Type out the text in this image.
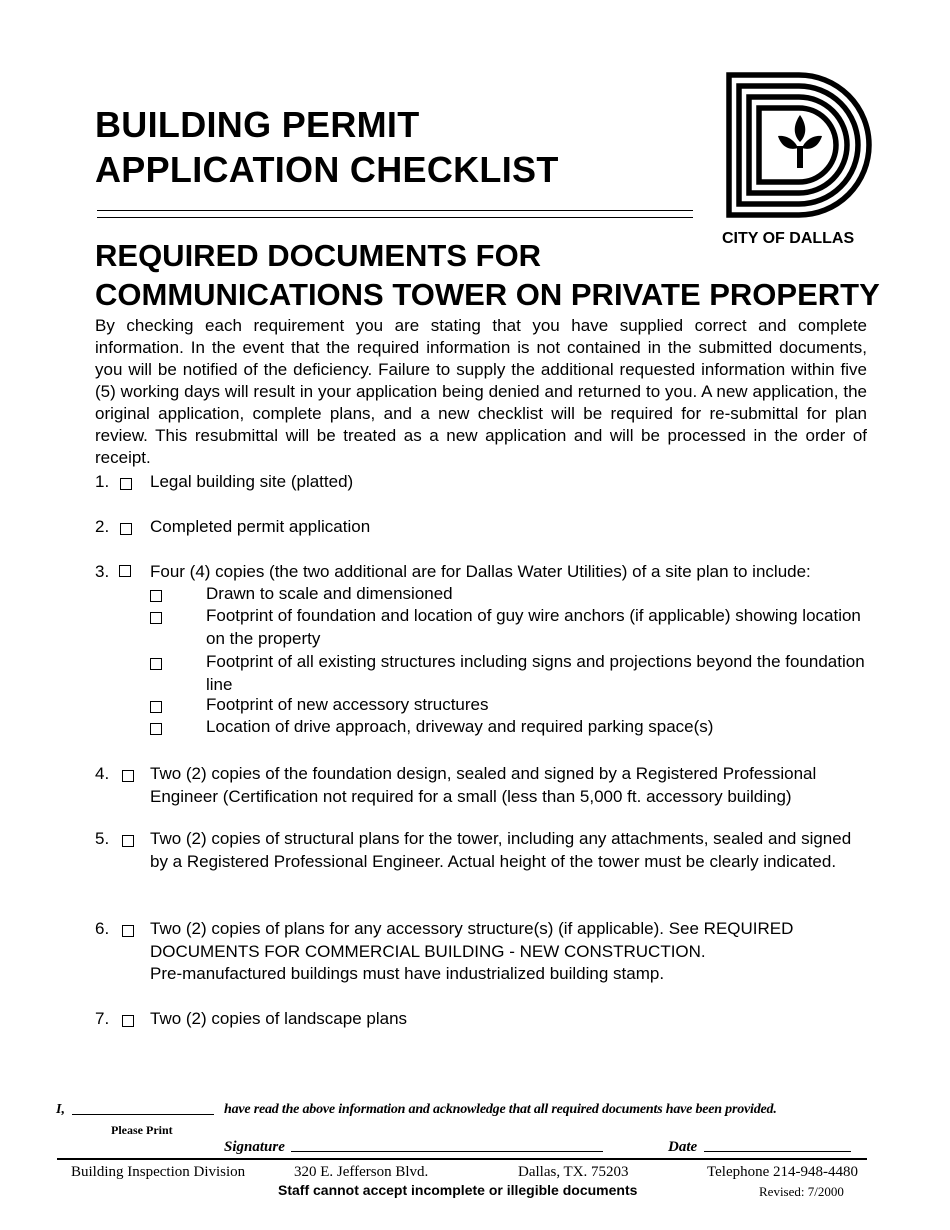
BUILDING PERMIT
APPLICATION CHECKLIST
CITY OF DALLAS
REQUIRED DOCUMENTS FOR
COMMUNICATIONS TOWER ON PRIVATE PROPERTY
By checking each requirement you are stating that you have supplied correct and complete information. In the event that the required information is not contained in the submitted documents, you will be notified of the deficiency. Failure to supply the additional requested information within five (5) working days will result in your application being denied and returned to you. A new application, the original application, complete plans, and a new checklist will be required for re-submittal for plan review. This resubmittal will be treated as a new application and will be processed in the order of receipt.
1. Legal building site (platted)
2. Completed permit application
3. Four (4) copies (the two additional are for Dallas Water Utilities) of a site plan to include:
Drawn to scale and dimensioned
Footprint of foundation and location of guy wire anchors (if applicable) showing location on the property
Footprint of all existing structures including signs and projections beyond the foundation line
Footprint of new accessory structures
Location of drive approach, driveway and required parking space(s)
4. Two (2) copies of the foundation design, sealed and signed by a Registered Professional Engineer (Certification not required for a small (less than 5,000 ft. accessory building)
5. Two (2) copies of structural plans for the tower, including any attachments, sealed and signed by a Registered Professional Engineer. Actual height of the tower must be clearly indicated.
6. Two (2) copies of plans for any accessory structure(s) (if applicable). See REQUIRED DOCUMENTS FOR COMMERCIAL BUILDING - NEW CONSTRUCTION.
Pre-manufactured buildings must have industrialized building stamp.
7. Two (2) copies of landscape plans
I,	have read the above information and acknowledge that all required documents have been provided.
Please Print
Signature	Date
Building Inspection Division	320 E. Jefferson Blvd.	Dallas, TX. 75203	Telephone 214-948-4480
Staff cannot accept incomplete or illegible documents	Revised: 7/2000
